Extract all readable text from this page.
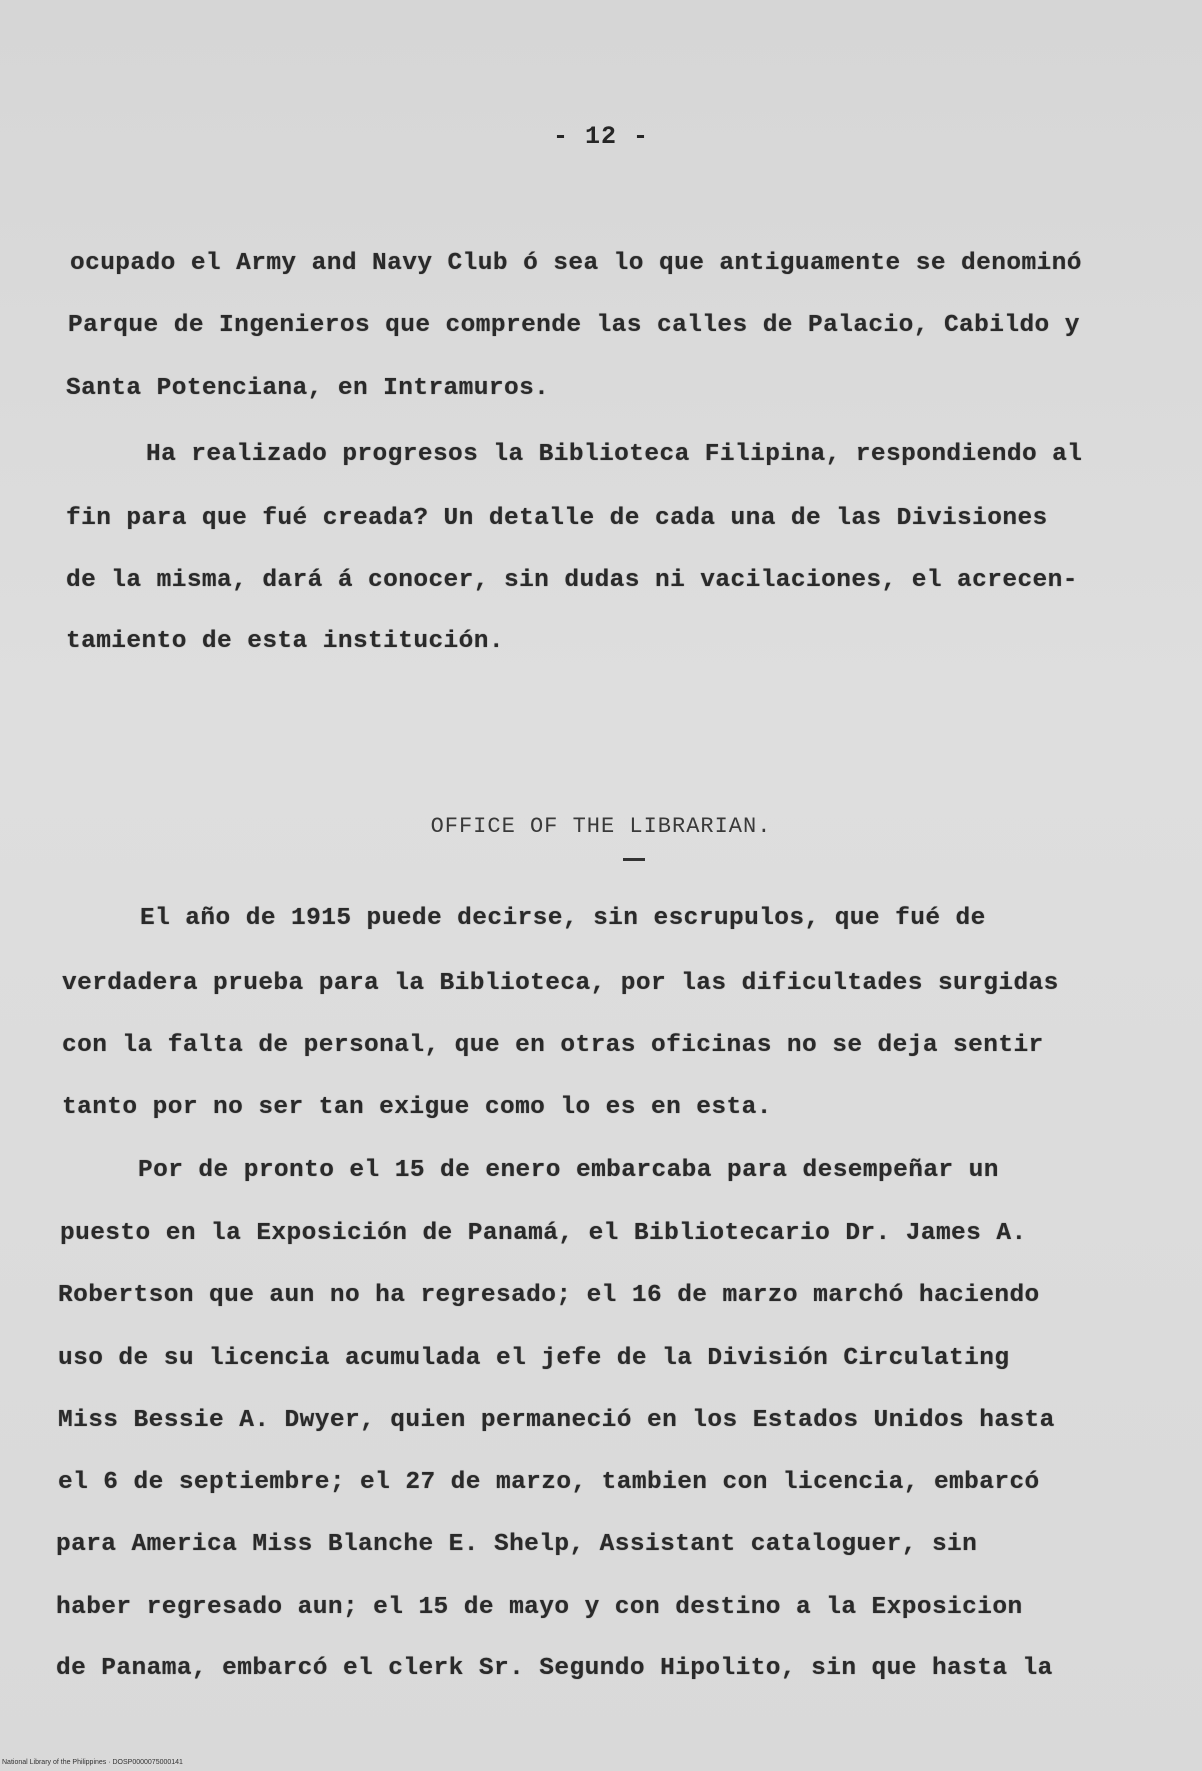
- 12 -
ocupado el Army and Navy Club ó sea lo que antiguamente se denominó
Parque de Ingenieros que comprende las calles de Palacio, Cabildo y
Santa Potenciana, en Intramuros.
Ha realizado progresos la Biblioteca Filipina, respondiendo al
fin para que fué creada? Un detalle de cada una de las Divisiones
de la misma, dará á conocer, sin dudas ni vacilaciones, el acrecen-
tamiento de esta institución.
OFFICE OF THE LIBRARIAN.
El año de 1915 puede decirse, sin escrupulos, que fué de
verdadera prueba para la Biblioteca, por las dificultades surgidas
con la falta de personal, que en otras oficinas no se deja sentir
tanto por no ser tan exigue como lo es en esta.
Por de pronto el 15 de enero embarcaba para desempeñar un
puesto en la Exposición de Panamá, el Bibliotecario Dr. James A.
Robertson que aun no ha regresado; el 16 de marzo marchó haciendo
uso de su licencia acumulada el jefe de la División Circulating
Miss Bessie A. Dwyer, quien permaneció en los Estados Unidos hasta
el 6 de septiembre; el 27 de marzo, tambien con licencia, embarcó
para America Miss Blanche E. Shelp, Assistant cataloguer, sin
haber regresado aun; el 15 de mayo y con destino a la Exposicion
de Panama, embarcó el clerk Sr. Segundo Hipolito, sin que hasta la
National Library of the Philippines · DOSP0000075000141
